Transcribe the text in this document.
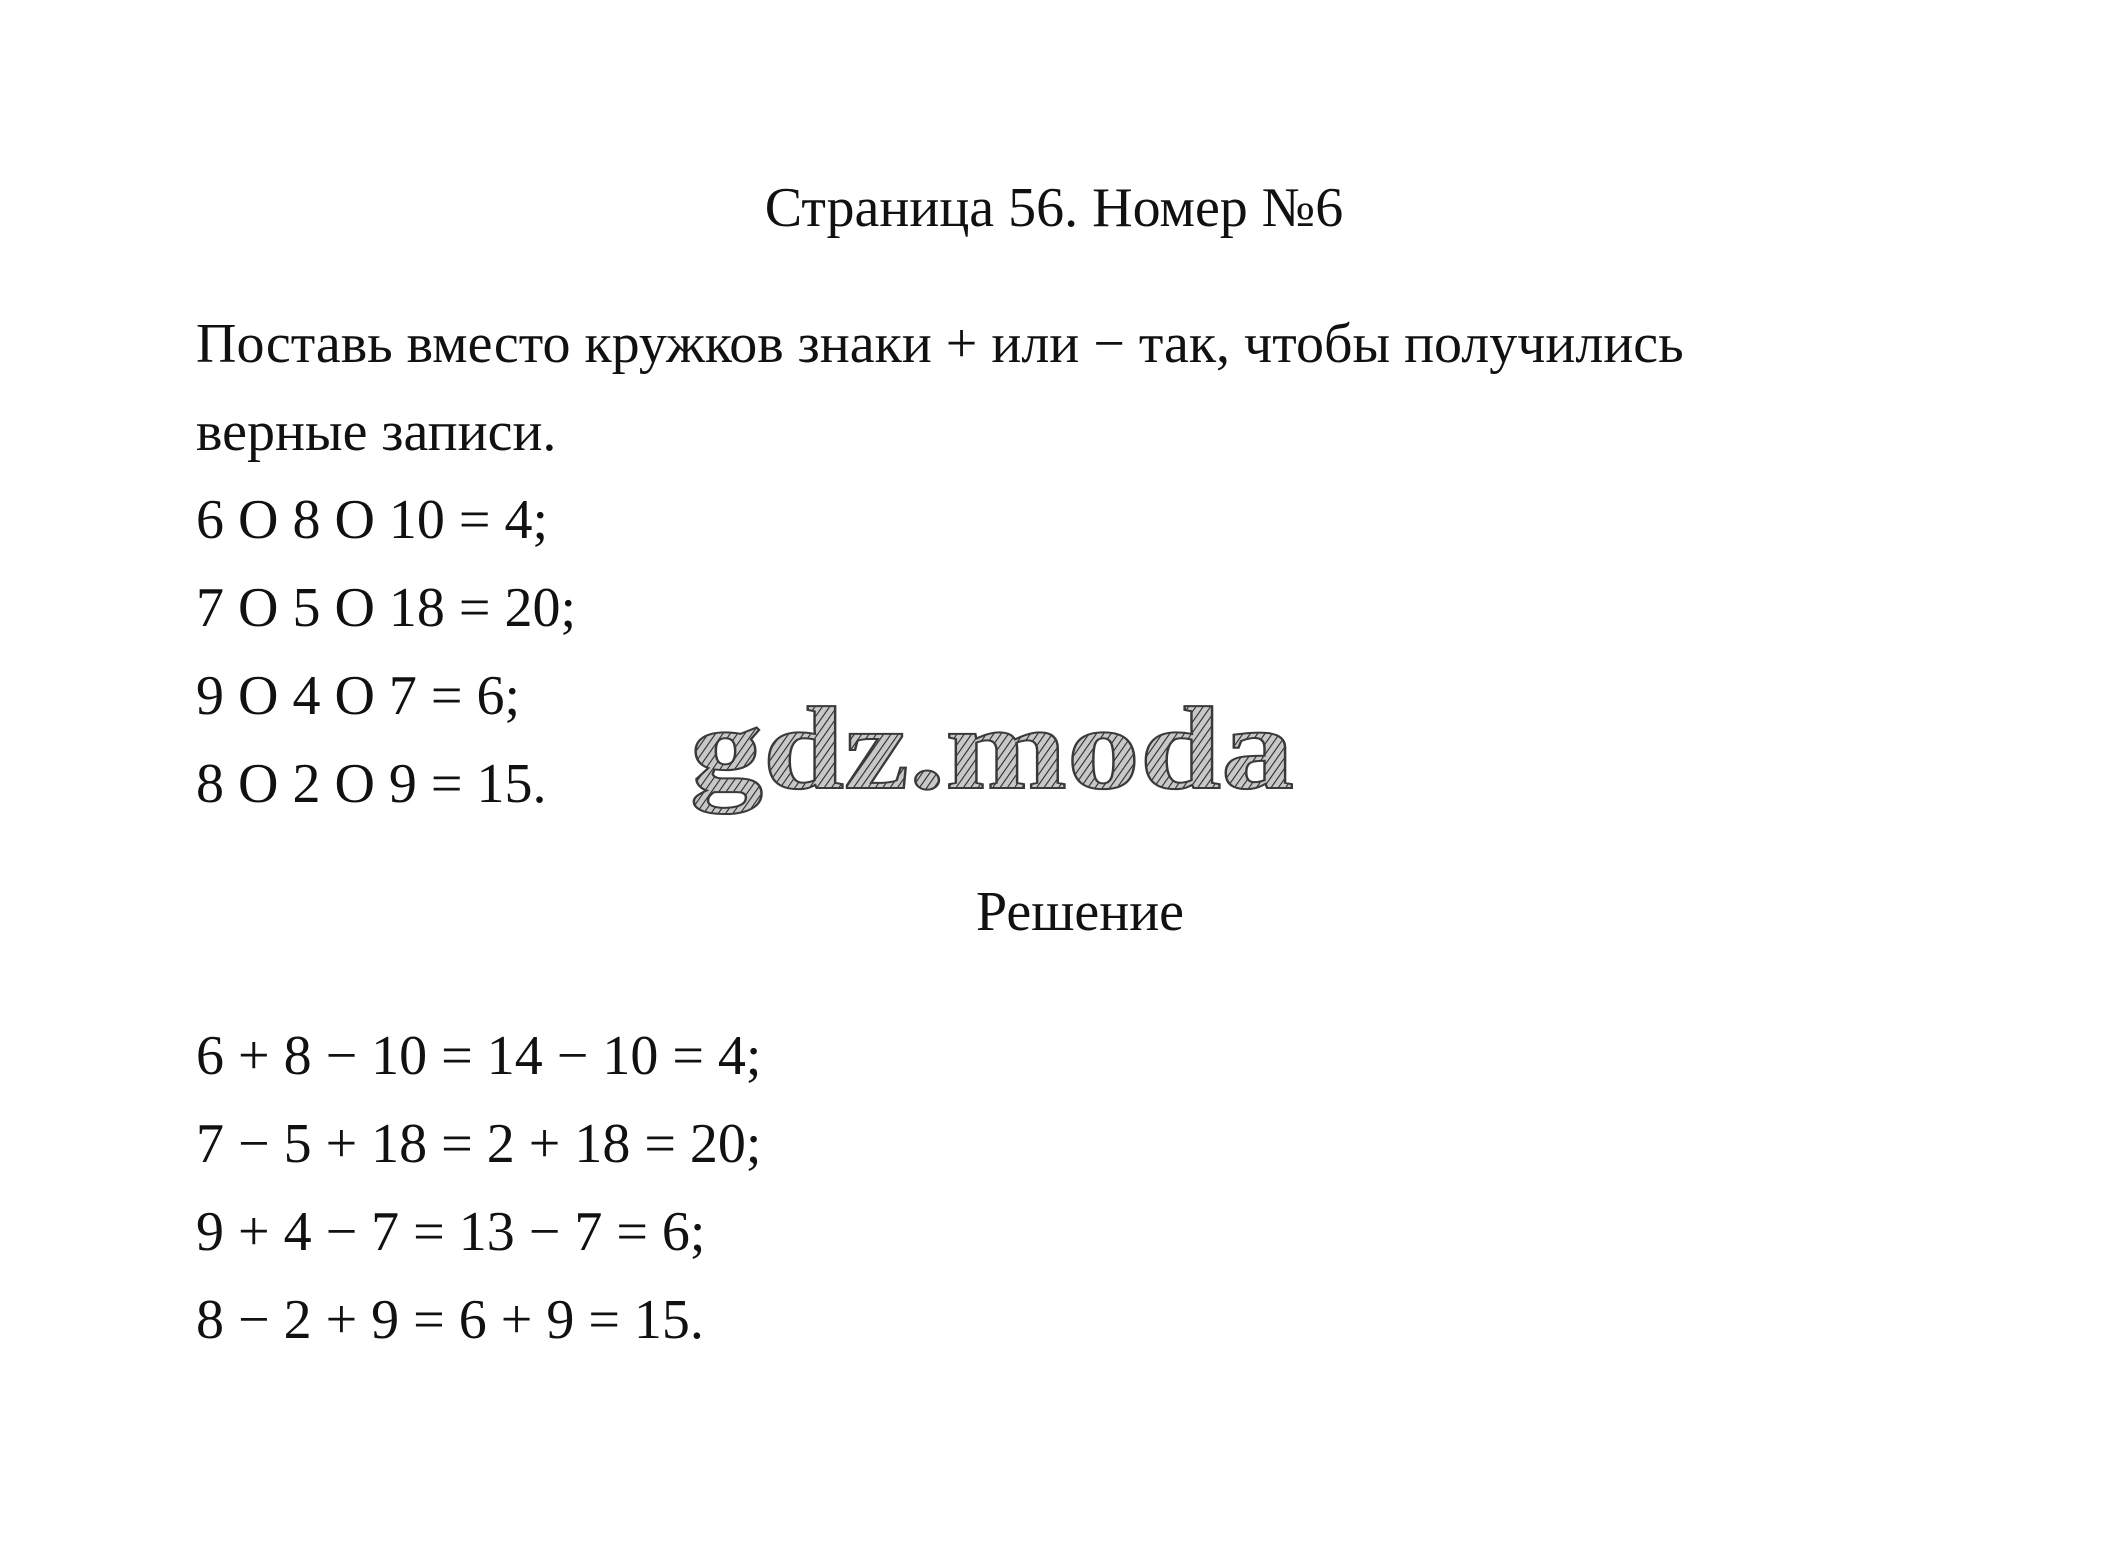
Страница 56. Номер №6

Поставь вместо кружков знаки + или − так, чтобы получились

верные записи.

6 O 8 O 10 = 4;

7 O 5 O 18 = 20;

9 O 4 O 7 = 6;

8 O 2 O 9 = 15.	gdz.moda
Решение

6 + 8 − 10 = 14 − 10 = 4;

7 − 5 + 18 = 2 + 18 = 20;

9 + 4 − 7 = 13 − 7 = 6;

8 − 2 + 9 = 6 + 9 = 15.
